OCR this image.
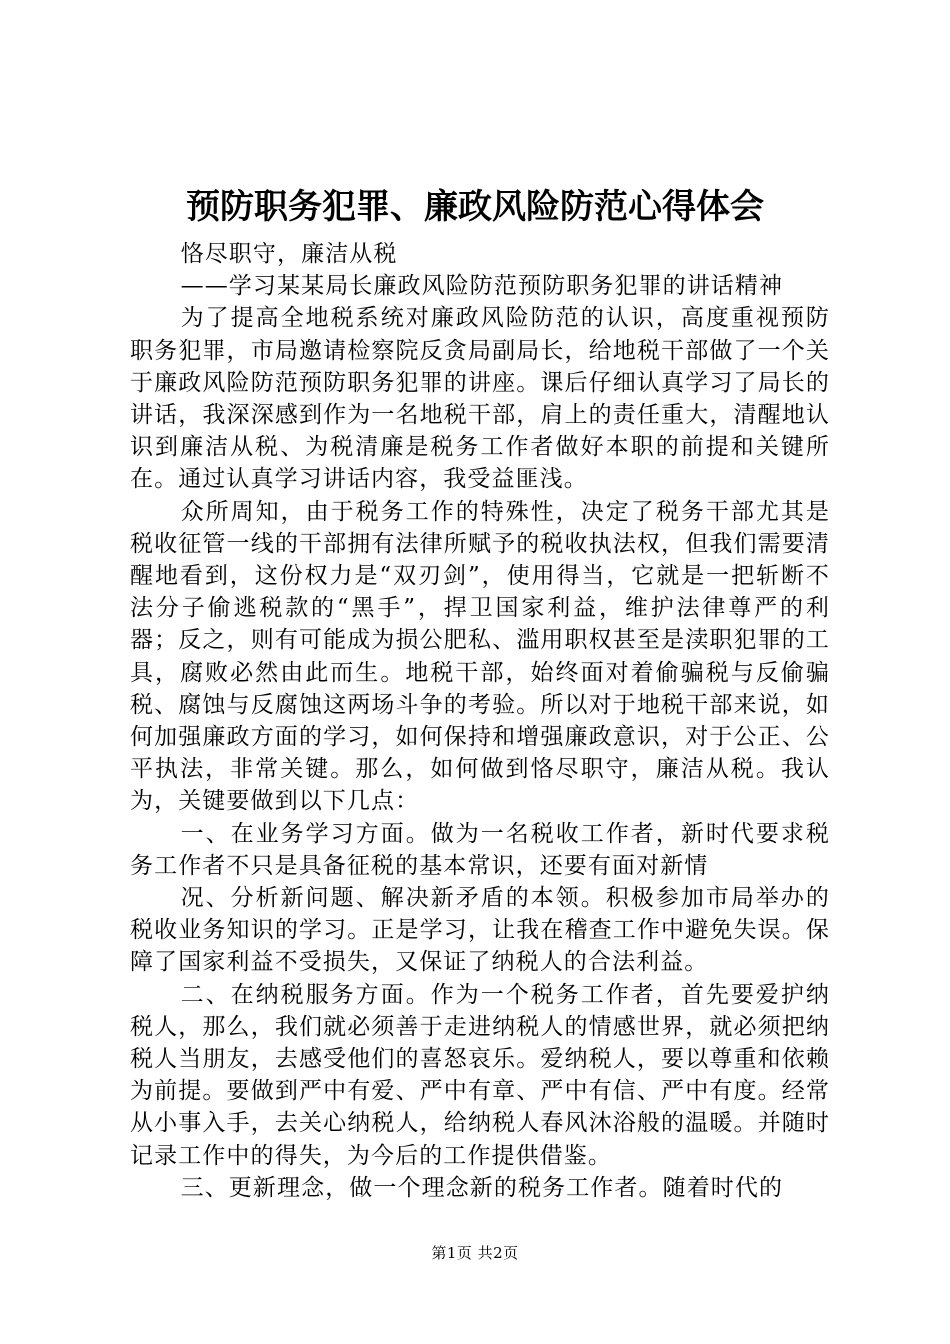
预防职务犯罪、廉政风险防范心得体会

恪尽职守，廉洁从税

——学习某某局长廉政风险防范预防职务犯罪的讲话精神

为了提高全地税系统对廉政风险防范的认识，高度重视预防职务犯罪，市局邀请检察院反贪局副局长，给地税干部做了一个关于廉政风险防范预防职务犯罪的讲座。课后仔细认真学习了局长的讲话，我深深感到作为一名地税干部，肩上的责任重大，清醒地认识到廉洁从税、为税清廉是税务工作者做好本职的前提和关键所在。通过认真学习讲话内容，我受益匪浅。

众所周知，由于税务工作的特殊性，决定了税务干部尤其是税收征管一线的干部拥有法律所赋予的税收执法权，但我们需要清醒地看到，这份权力是“双刃剑”，使用得当，它就是一把斩断不法分子偷逃税款的“黑手”，捍卫国家利益，维护法律尊严的利器；反之，则有可能成为损公肥私、滥用职权甚至是渎职犯罪的工具，腐败必然由此而生。地税干部，始终面对着偷骗税与反偷骗税、腐蚀与反腐蚀这两场斗争的考验。所以对于地税干部来说，如何加强廉政方面的学习，如何保持和增强廉政意识，对于公正、公平执法，非常关键。那么，如何做到恪尽职守，廉洁从税。我认为，关键要做到以下几点：

一、在业务学习方面。做为一名税收工作者，新时代要求税务工作者不只是具备征税的基本常识，还要有面对新情

况、分析新问题、解决新矛盾的本领。积极参加市局举办的税收业务知识的学习。正是学习，让我在稽查工作中避免失误。保障了国家利益不受损失，又保证了纳税人的合法利益。

二、在纳税服务方面。作为一个税务工作者，首先要爱护纳税人，那么，我们就必须善于走进纳税人的情感世界，就必须把纳税人当朋友，去感受他们的喜怒哀乐。爱纳税人，要以尊重和依赖为前提。要做到严中有爱、严中有章、严中有信、严中有度。经常从小事入手，去关心纳税人，给纳税人春风沐浴般的温暖。并随时记录工作中的得失，为今后的工作提供借鉴。

三、更新理念，做一个理念新的税务工作者。随着时代的

第1页 共2页
